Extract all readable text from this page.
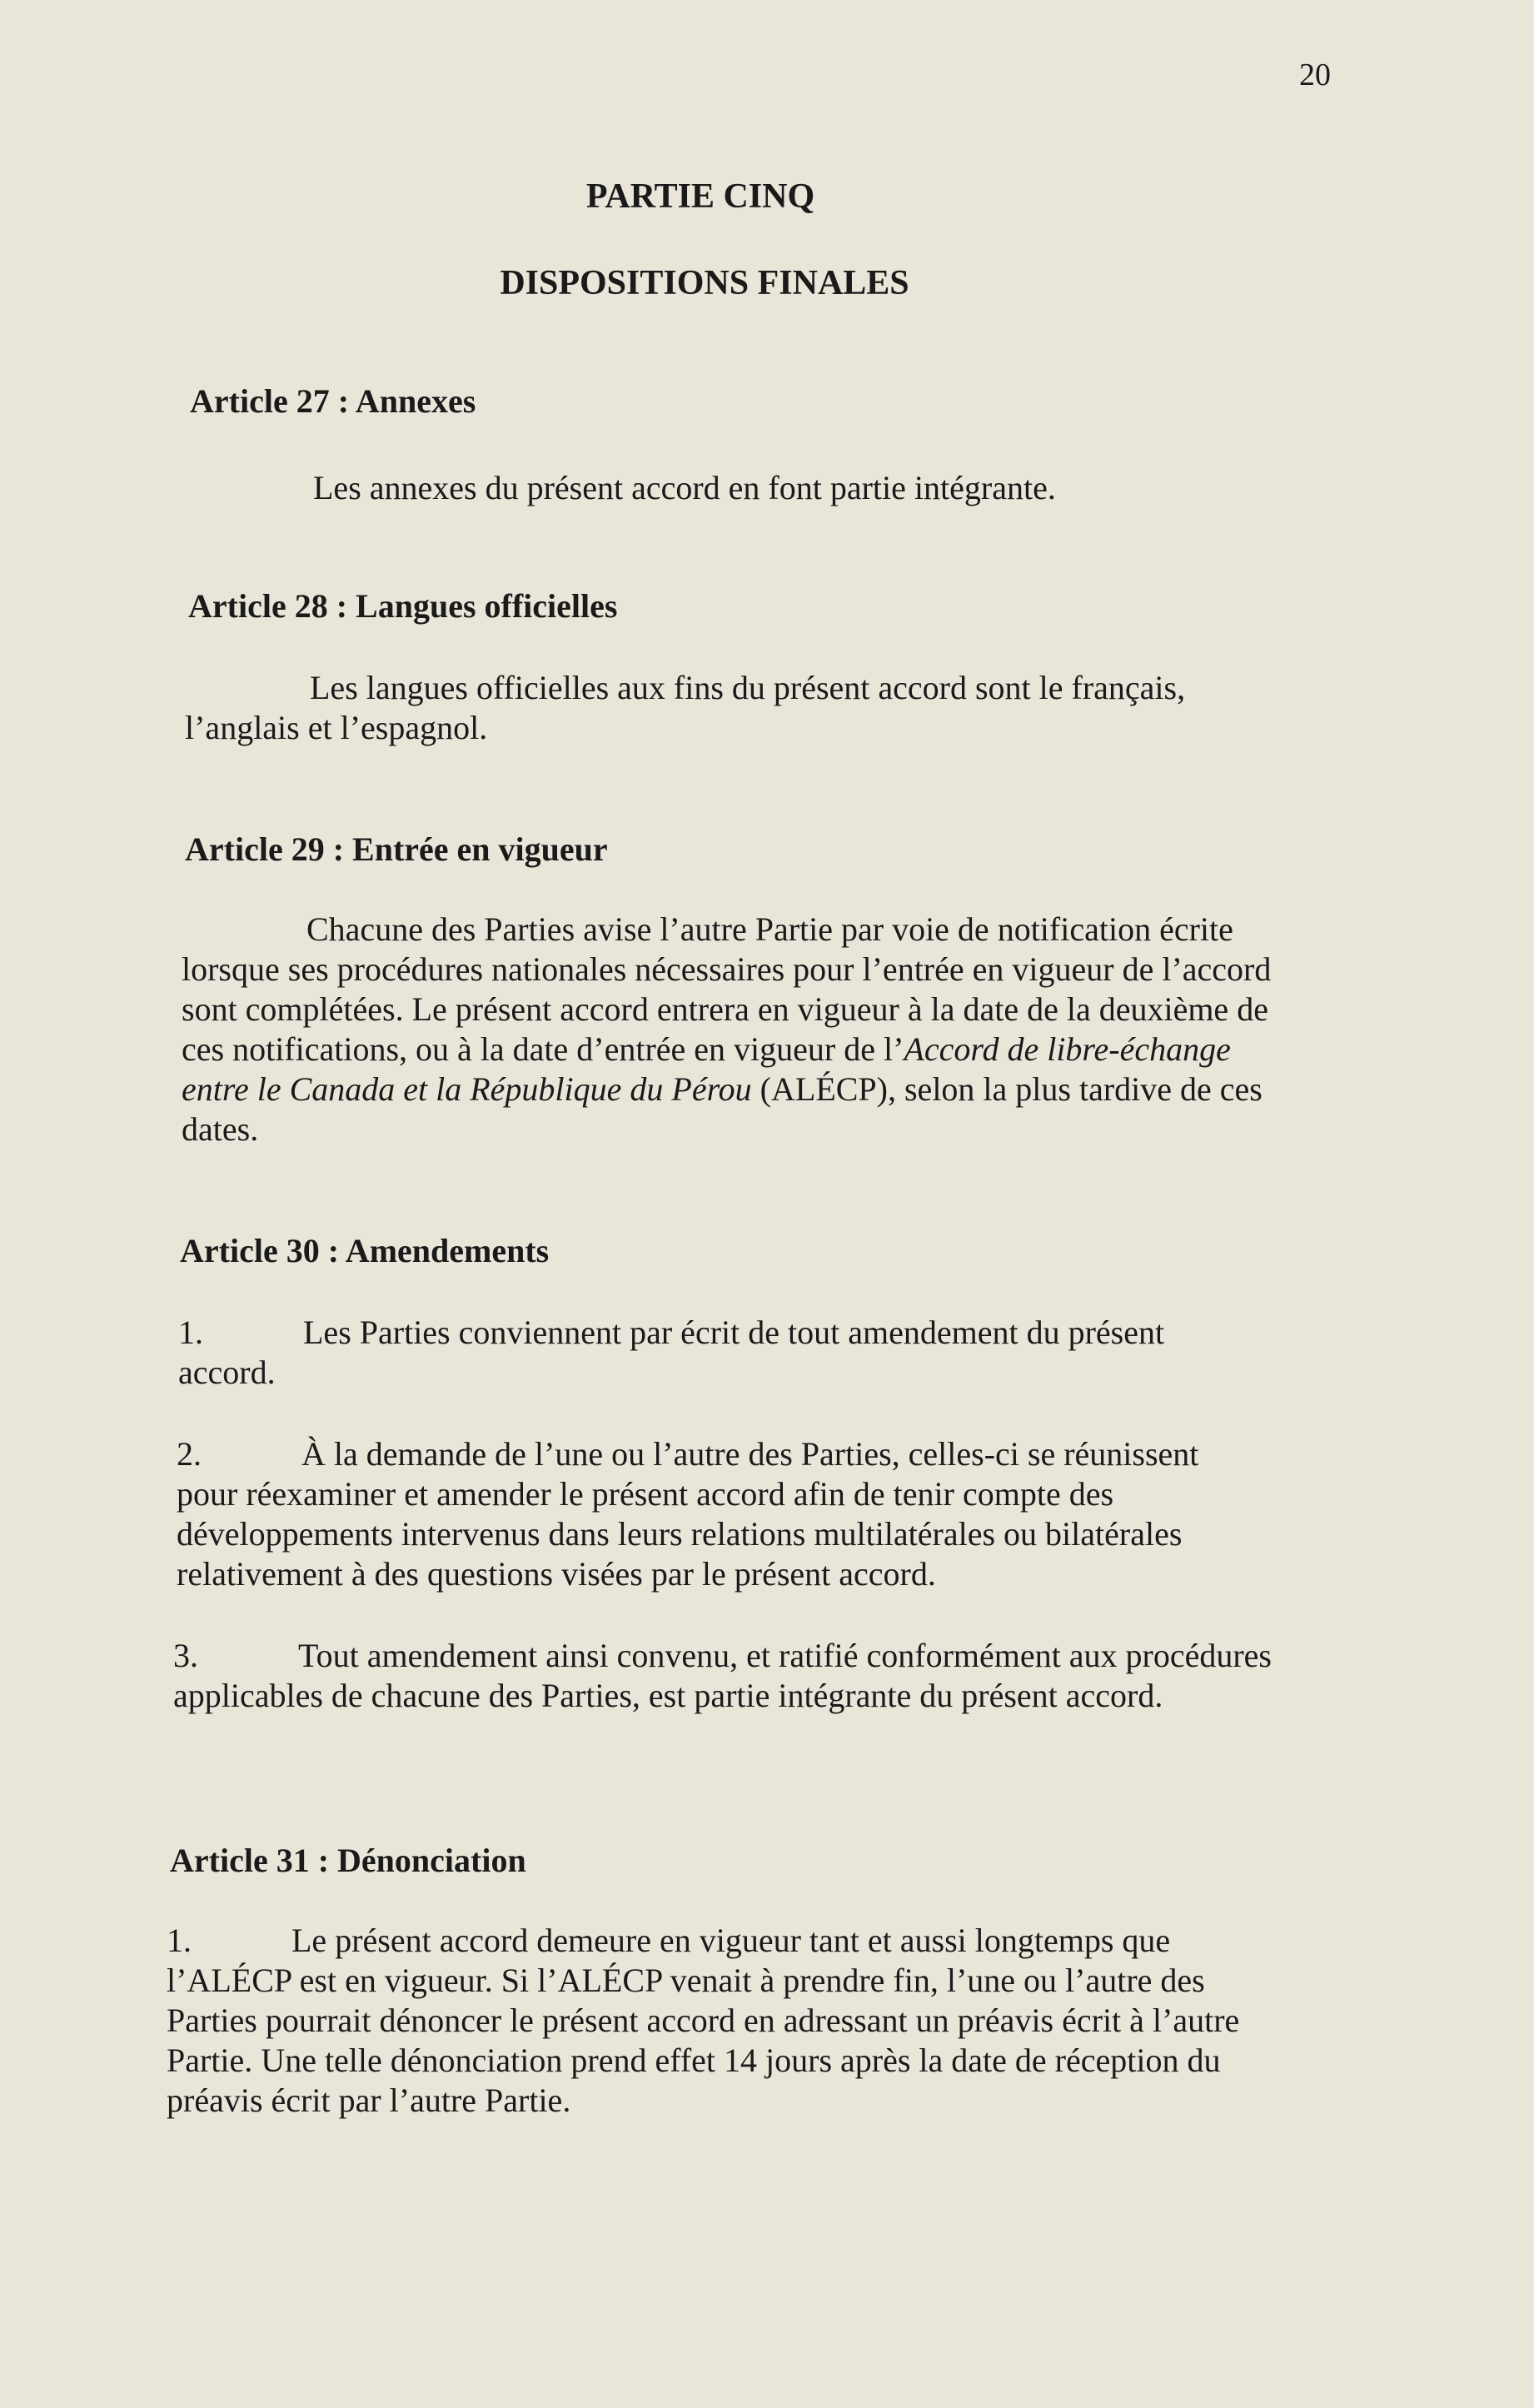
20
PARTIE CINQ
DISPOSITIONS FINALES
Article 27 : Annexes
Les annexes du présent accord en font partie intégrante.
Article 28 : Langues officielles
Les langues officielles aux fins du présent accord sont le français, l’anglais et l’espagnol.
Article 29 : Entrée en vigueur
Chacune des Parties avise l’autre Partie par voie de notification écrite lorsque ses procédures nationales nécessaires pour l’entrée en vigueur de l’accord sont complétées. Le présent accord entrera en vigueur à la date de la deuxième de ces notifications, ou à la date d’entrée en vigueur de l’Accord de libre-échange entre le Canada et la République du Pérou (ALÉCP), selon la plus tardive de ces dates.
Article 30 : Amendements
1.	Les Parties conviennent par écrit de tout amendement du présent accord.
2.	À la demande de l’une ou l’autre des Parties, celles-ci se réunissent pour réexaminer et amender le présent accord afin de tenir compte des développements intervenus dans leurs relations multilatérales ou bilatérales relativement à des questions visées par le présent accord.
3.	Tout amendement ainsi convenu, et ratifié conformément aux procédures applicables de chacune des Parties, est partie intégrante du présent accord.
Article 31 : Dénonciation
1.	Le présent accord demeure en vigueur tant et aussi longtemps que l’ALÉCP est en vigueur. Si l’ALÉCP venait à prendre fin, l’une ou l’autre des Parties pourrait dénoncer le présent accord en adressant un préavis écrit à l’autre Partie. Une telle dénonciation prend effet 14 jours après la date de réception du préavis écrit par l’autre Partie.
